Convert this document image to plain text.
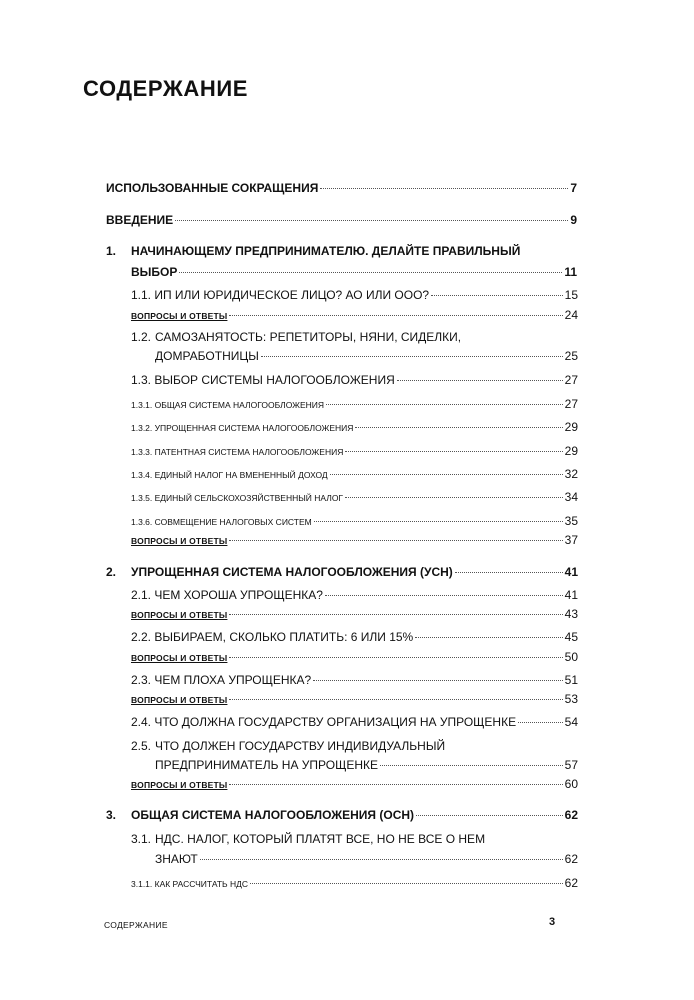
СОДЕРЖАНИЕ
ИСПОЛЬЗОВАННЫЕ СОКРАЩЕНИЯ	7
ВВЕДЕНИЕ	9
1. НАЧИНАЮЩЕМУ ПРЕДПРИНИМАТЕЛЮ. ДЕЛАЙТЕ ПРАВИЛЬНЫЙ
ВЫБОР	11
1.1. ИП ИЛИ ЮРИДИЧЕСКОЕ ЛИЦО? АО ИЛИ ООО?	15
ВОПРОСЫ И ОТВЕТЫ	24
1.2. САМОЗАНЯТОСТЬ: РЕПЕТИТОРЫ, НЯНИ, СИДЕЛКИ,
ДОМРАБОТНИЦЫ	25
1.3. ВЫБОР СИСТЕМЫ НАЛОГООБЛОЖЕНИЯ	27
1.3.1. ОБЩАЯ СИСТЕМА НАЛОГООБЛОЖЕНИЯ	27
1.3.2. УПРОЩЕННАЯ СИСТЕМА НАЛОГООБЛОЖЕНИЯ	29
1.3.3. ПАТЕНТНАЯ СИСТЕМА НАЛОГООБЛОЖЕНИЯ	29
1.3.4. ЕДИНЫЙ НАЛОГ НА ВМЕНЕННЫЙ ДОХОД	32
1.3.5. ЕДИНЫЙ СЕЛЬСКОХОЗЯЙСТВЕННЫЙ НАЛОГ	34
1.3.6. СОВМЕЩЕНИЕ НАЛОГОВЫХ СИСТЕМ	35
ВОПРОСЫ И ОТВЕТЫ	37
2. УПРОЩЕННАЯ СИСТЕМА НАЛОГООБЛОЖЕНИЯ (УСН)	41
2.1. ЧЕМ ХОРОША УПРОЩЕНКА?	41
ВОПРОСЫ И ОТВЕТЫ	43
2.2. ВЫБИРАЕМ, СКОЛЬКО ПЛАТИТЬ: 6 ИЛИ 15%	45
ВОПРОСЫ И ОТВЕТЫ	50
2.3. ЧЕМ ПЛОХА УПРОЩЕНКА?	51
ВОПРОСЫ И ОТВЕТЫ	53
2.4. ЧТО ДОЛЖНА ГОСУДАРСТВУ ОРГАНИЗАЦИЯ НА УПРОЩЕНКЕ	54
2.5. ЧТО ДОЛЖЕН ГОСУДАРСТВУ ИНДИВИДУАЛЬНЫЙ
ПРЕДПРИНИМАТЕЛЬ НА УПРОЩЕНКЕ	57
ВОПРОСЫ И ОТВЕТЫ	60
3. ОБЩАЯ СИСТЕМА НАЛОГООБЛОЖЕНИЯ (ОСН)	62
3.1. НДС. НАЛОГ, КОТОРЫЙ ПЛАТЯТ ВСЕ, НО НЕ ВСЕ О НЕМ
ЗНАЮТ	62
3.1.1. КАК РАССЧИТАТЬ НДС	62
СОДЕРЖАНИЕ	3
